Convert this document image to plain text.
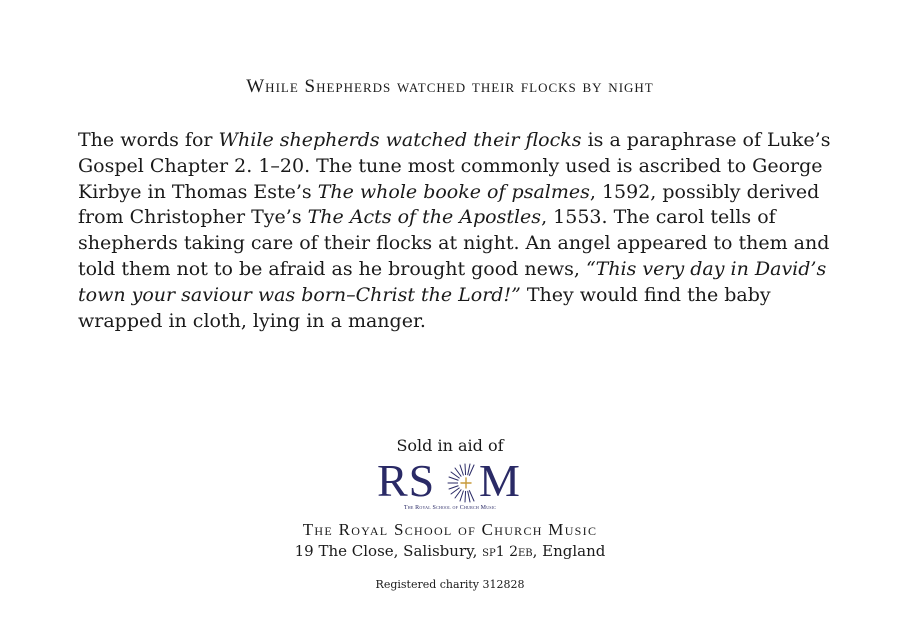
While Shepherds watched their flocks by night
The words for While shepherds watched their flocks is a paraphrase of Luke’s Gospel Chapter 2. 1–20. The tune most commonly used is ascribed to George Kirbye in Thomas Este’s The whole booke of psalmes, 1592, possibly derived from Christopher Tye’s The Acts of the Apostles, 1553. The carol tells of shepherds taking care of their flocks at night. An angel appeared to them and told them not to be afraid as he brought good news, “This very day in David’s town your saviour was born–Christ the Lord!” They would find the baby wrapped in cloth, lying in a manger.
Sold in aid of
RS M
The Royal School of Church Music
The Royal School of Church Music
19 The Close, Salisbury, sp1 2eb, England
Registered charity 312828
